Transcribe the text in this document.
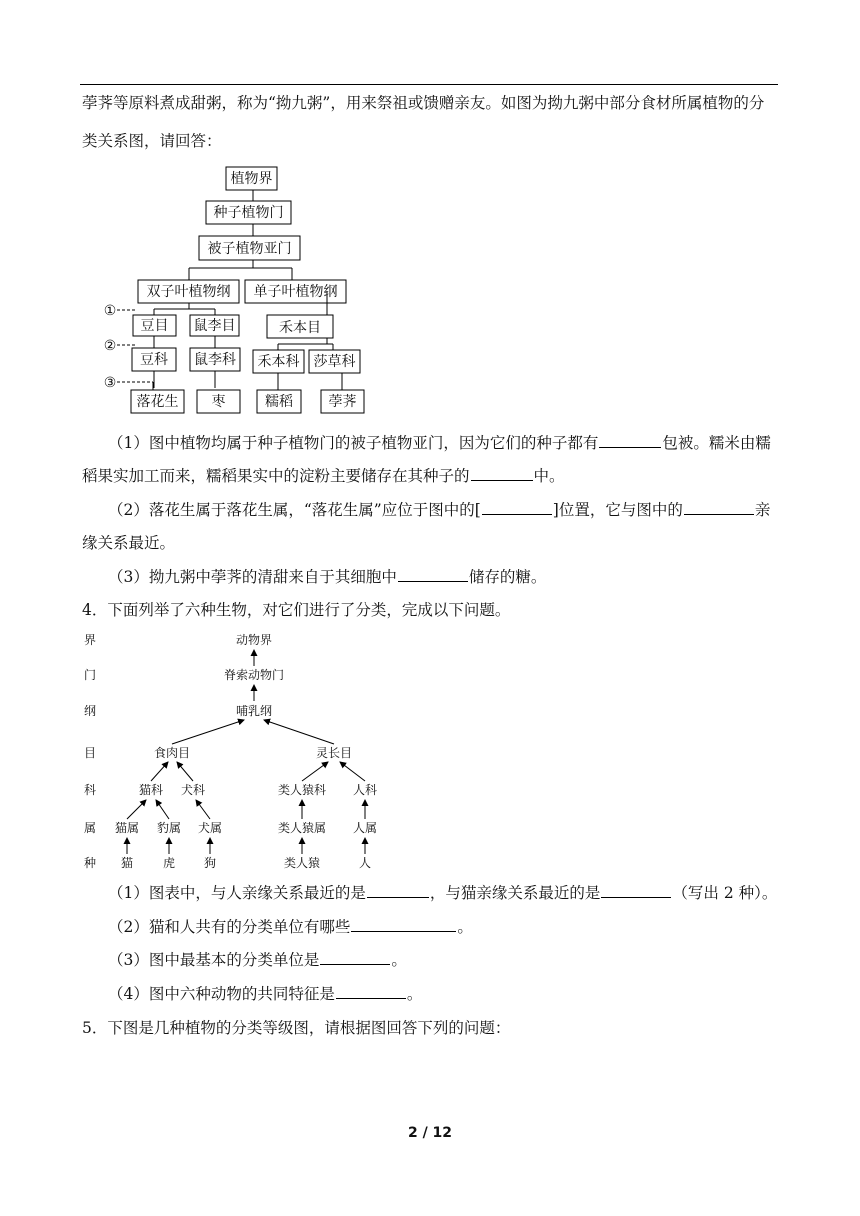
荸荠等原料煮成甜粥，称为“拗九粥”，用来祭祖或馈赠亲友。如图为拗九粥中部分食材所属植物的分
类关系图，请回答：
植物界
种子植物门
被子植物亚门
双子叶植物纲 单子叶植物纲
豆目 鼠李目	禾本目
豆科 鼠李科 禾本科 莎草科
落花生 枣	糯稻	荸荠
①
②
③
（1）图中植物均属于种子植物门的被子植物亚门，因为它们的种子都有	包被。糯米由糯
稻果实加工而来，糯稻果实中的淀粉主要储存在其种子的	中。
（2）落花生属于落花生属，“落花生属”应位于图中的[	]位置，它与图中的	亲
缘关系最近。
（3）拗九粥中荸荠的清甜来自于其细胞中	储存的糖。
4．下面列举了六种生物，对它们进行了分类，完成以下问题。
界
门
纲
目
科
属
种
动物界
脊索动物门
哺乳纲
食肉目	灵长目
猫科 犬科	类人猿科 人科
猫属 豹属 犬属	类人猿属 人属
猫 虎 狗	类人猿	人
（1）图表中，与人亲缘关系最近的是	，与猫亲缘关系最近的是	（写出 2 种）。
（2）猫和人共有的分类单位有哪些	。
（3）图中最基本的分类单位是	。
（4）图中六种动物的共同特征是	。
5．下图是几种植物的分类等级图，请根据图回答下列的问题：
2 / 12
